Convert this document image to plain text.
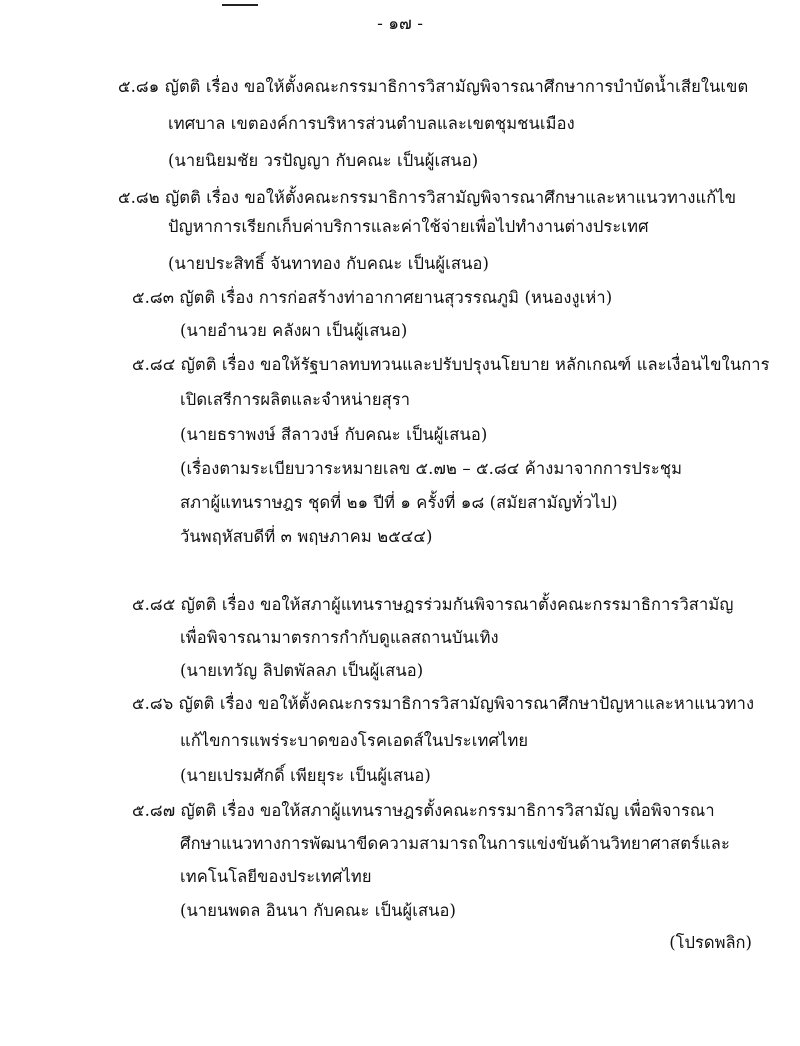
- ๑๗ -
๕.๘๑ ญัตติ เรื่อง ขอให้ตั้งคณะกรรมาธิการวิสามัญพิจารณาศึกษาการบำบัดน้ำเสียในเขต
เทศบาล เขตองค์การบริหารส่วนตำบลและเขตชุมชนเมือง
(นายนิยมชัย วรปัญญา กับคณะ เป็นผู้เสนอ)
๕.๘๒ ญัตติ เรื่อง ขอให้ตั้งคณะกรรมาธิการวิสามัญพิจารณาศึกษาและหาแนวทางแก้ไข
ปัญหาการเรียกเก็บค่าบริการและค่าใช้จ่ายเพื่อไปทำงานต่างประเทศ
(นายประสิทธิ์ จันทาทอง กับคณะ เป็นผู้เสนอ)
๕.๘๓ ญัตติ เรื่อง การก่อสร้างท่าอากาศยานสุวรรณภูมิ (หนองงูเห่า)
(นายอำนวย คลังผา เป็นผู้เสนอ)
๕.๘๔ ญัตติ เรื่อง ขอให้รัฐบาลทบทวนและปรับปรุงนโยบาย หลักเกณฑ์ และเงื่อนไขในการ
เปิดเสรีการผลิตและจำหน่ายสุรา
(นายธราพงษ์ สีลาวงษ์ กับคณะ เป็นผู้เสนอ)
(เรื่องตามระเบียบวาระหมายเลข ๕.๗๒ – ๕.๘๔ ค้างมาจากการประชุม
สภาผู้แทนราษฎร ชุดที่ ๒๑ ปีที่ ๑ ครั้งที่ ๑๘ (สมัยสามัญทั่วไป)
วันพฤหัสบดีที่ ๓ พฤษภาคม ๒๕๔๔)
๕.๘๕ ญัตติ เรื่อง ขอให้สภาผู้แทนราษฎรร่วมกันพิจารณาตั้งคณะกรรมาธิการวิสามัญ
เพื่อพิจารณามาตรการกำกับดูแลสถานบันเทิง
(นายเทวัญ ลิปตพัลลภ เป็นผู้เสนอ)
๕.๘๖ ญัตติ เรื่อง ขอให้ตั้งคณะกรรมาธิการวิสามัญพิจารณาศึกษาปัญหาและหาแนวทาง
แก้ไขการแพร่ระบาดของโรคเอดส์ในประเทศไทย
(นายเปรมศักดิ์ เพียยุระ เป็นผู้เสนอ)
๕.๘๗ ญัตติ เรื่อง ขอให้สภาผู้แทนราษฎรตั้งคณะกรรมาธิการวิสามัญ เพื่อพิจารณา
ศึกษาแนวทางการพัฒนาขีดความสามารถในการแข่งขันด้านวิทยาศาสตร์และ
เทคโนโลยีของประเทศไทย
(นายนพดล อินนา กับคณะ เป็นผู้เสนอ)
(โปรดพลิก)
